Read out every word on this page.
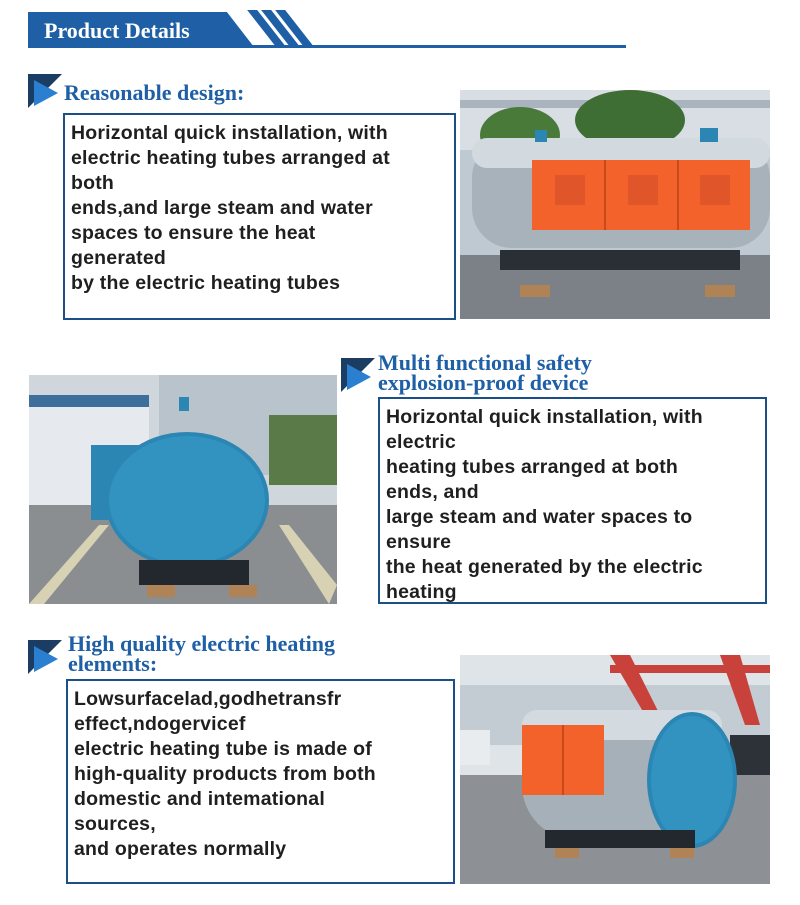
Product Details
Reasonable design:
Horizontal quick installation, with
electric heating tubes arranged at
both
ends,and large steam and water
spaces to ensure the heat
generated
by the electric heating tubes
Multi functional safety
explosion-proof device
Horizontal quick installation, with
electric
heating tubes arranged at both
ends, and
large steam and water spaces to
ensure
the heat generated by the electric
heating
High quality electric heating
elements:
Lowsurfacelad,godhetransfr
effect,ndogervicef
electric heating tube is made of
high-quality products from both
domestic and intemational
sources,
and operates normally
